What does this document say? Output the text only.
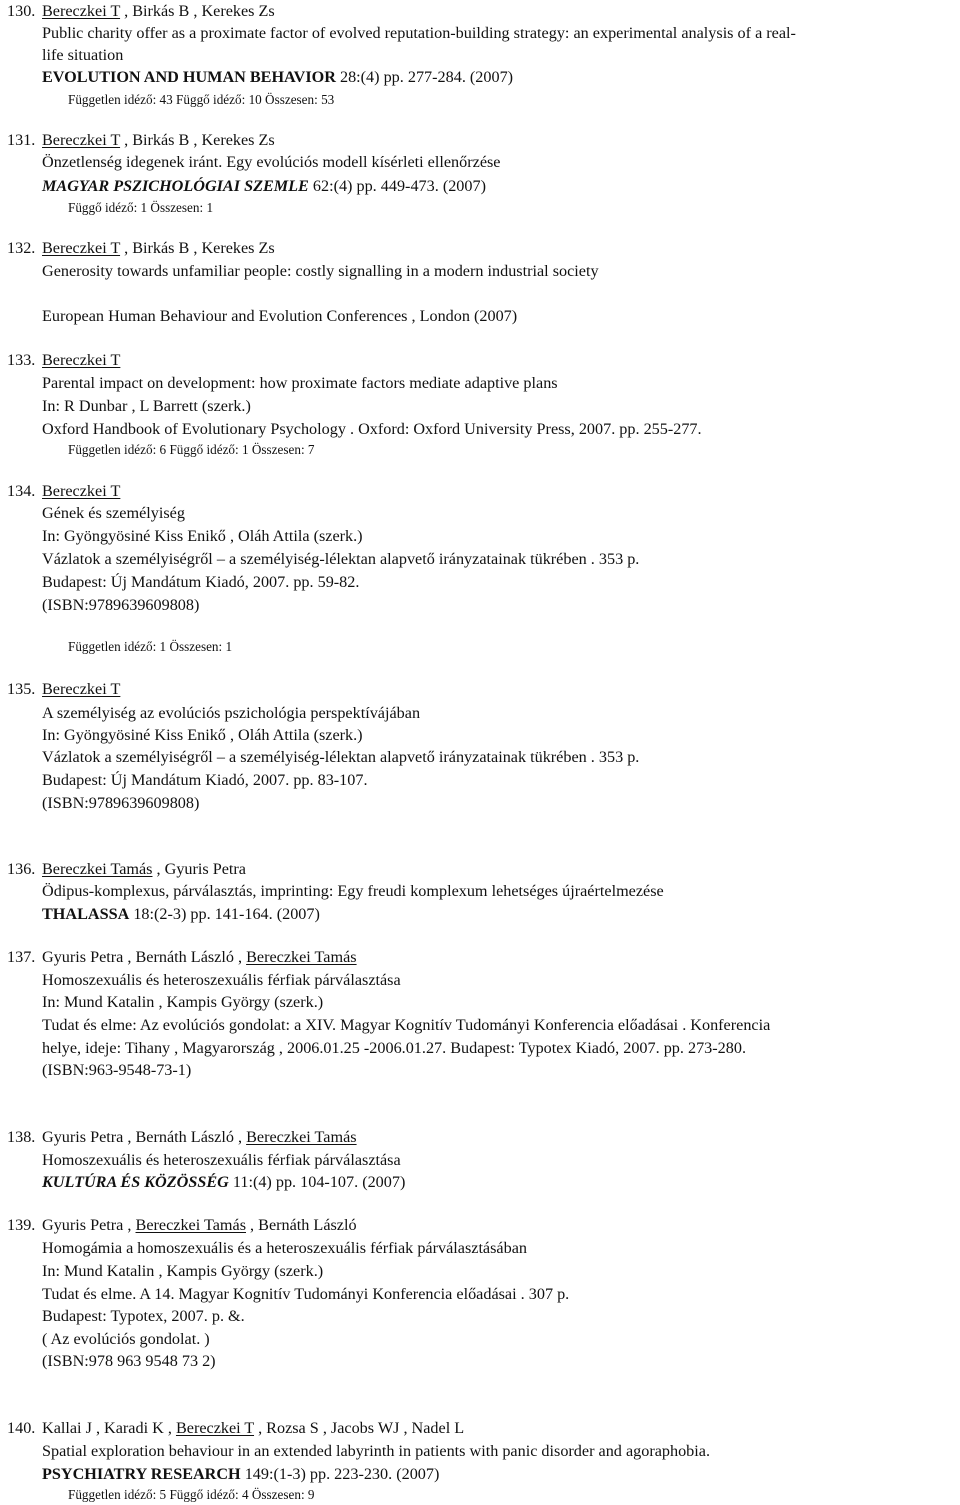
130. Bereczkei T , Birkás B , Kerekes Zs
Public charity offer as a proximate factor of evolved reputation-building strategy: an experimental analysis of a real-
life situation
EVOLUTION AND HUMAN BEHAVIOR 28:(4) pp. 277-284. (2007)
Független idéző: 43 Függő idéző: 10 Összesen: 53
131. Bereczkei T , Birkás B , Kerekes Zs
Önzetlenség idegenek iránt. Egy evolúciós modell kísérleti ellenőrzése
MAGYAR PSZICHOLÓGIAI SZEMLE 62:(4) pp. 449-473. (2007)
Függő idéző: 1 Összesen: 1
132. Bereczkei T , Birkás B , Kerekes Zs
Generosity towards unfamiliar people: costly signalling in a modern industrial society
European Human Behaviour and Evolution Conferences , London (2007)
133. Bereczkei T
Parental impact on development: how proximate factors mediate adaptive plans
In: R Dunbar , L Barrett (szerk.)
Oxford Handbook of Evolutionary Psychology . Oxford: Oxford University Press, 2007. pp. 255-277.
Független idéző: 6 Függő idéző: 1 Összesen: 7
134. Bereczkei T
Gének és személyiség
In: Gyöngyösiné Kiss Enikő , Oláh Attila (szerk.)
Vázlatok a személyiségről – a személyiség-lélektan alapvető irányzatainak tükrében . 353 p.
Budapest: Új Mandátum Kiadó, 2007. pp. 59-82.
(ISBN:9789639609808)
Független idéző: 1 Összesen: 1
135. Bereczkei T
A személyiség az evolúciós pszichológia perspektívájában
In: Gyöngyösiné Kiss Enikő , Oláh Attila (szerk.)
Vázlatok a személyiségről – a személyiség-lélektan alapvető irányzatainak tükrében . 353 p.
Budapest: Új Mandátum Kiadó, 2007. pp. 83-107.
(ISBN:9789639609808)
136. Bereczkei Tamás , Gyuris Petra
Ödipus-komplexus, párválasztás, imprinting: Egy freudi komplexum lehetséges újraértelmezése
THALASSA 18:(2-3) pp. 141-164. (2007)
137. Gyuris Petra , Bernáth László , Bereczkei Tamás
Homoszexuális és heteroszexuális férfiak párválasztása
In: Mund Katalin , Kampis György (szerk.)
Tudat és elme: Az evolúciós gondolat: a XIV. Magyar Kognitív Tudományi Konferencia előadásai . Konferencia
helye, ideje: Tihany , Magyarország , 2006.01.25 -2006.01.27. Budapest: Typotex Kiadó, 2007. pp. 273-280.
(ISBN:963-9548-73-1)
138. Gyuris Petra , Bernáth László , Bereczkei Tamás
Homoszexuális és heteroszexuális férfiak párválasztása
KULTÚRA ÉS KÖZÖSSÉG 11:(4) pp. 104-107. (2007)
139. Gyuris Petra , Bereczkei Tamás , Bernáth László
Homogámia a homoszexuális és a heteroszexuális férfiak párválasztásában
In: Mund Katalin , Kampis György (szerk.)
Tudat és elme. A 14. Magyar Kognitív Tudományi Konferencia előadásai . 307 p.
Budapest: Typotex, 2007. p. &.
( Az evolúciós gondolat. )
(ISBN:978 963 9548 73 2)
140. Kallai J , Karadi K , Bereczkei T , Rozsa S , Jacobs WJ , Nadel L
Spatial exploration behaviour in an extended labyrinth in patients with panic disorder and agoraphobia.
PSYCHIATRY RESEARCH 149:(1-3) pp. 223-230. (2007)
Független idéző: 5 Függő idéző: 4 Összesen: 9
